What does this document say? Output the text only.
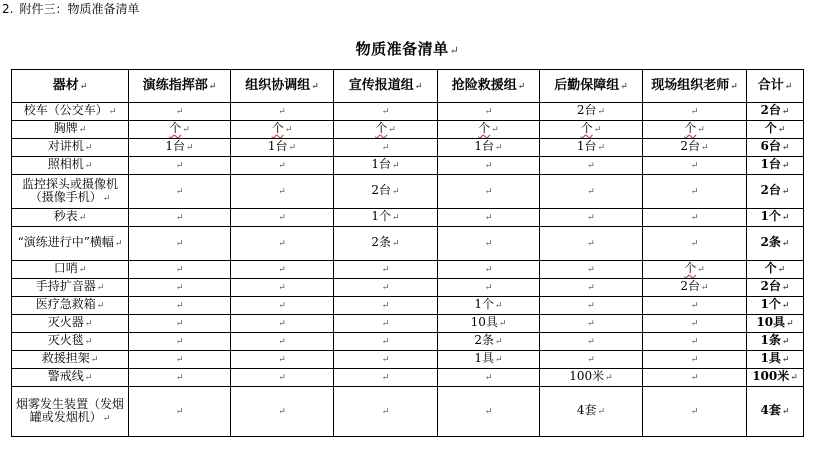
2. 附件三：物质准备清单
物质准备清单↵
器材↵	演练指挥部↵	组织协调组↵	宣传报道组↵	抢险救援组↵	后勤保障组↵	现场组织老师↵	合计↵
校车（公交车）↵	↵	↵	↵	↵	2台↵	↵	2台↵
胸牌↵	个↵	个↵	个↵	个↵	个↵	个↵	个↵
对讲机↵	1台↵	1台↵	↵	1台↵	1台↵	2台↵	6台↵
照相机↵	↵	↵	1台↵	↵	↵	↵	1台↵
监控探头或摄像机（摄像手机）↵	↵	↵	2台↵	↵	↵	↵	2台↵
秒表↵	↵	↵	1个↵	↵	↵	↵	1个↵
“演练进行中”横幅↵	↵	↵	2条↵	↵	↵	↵	2条↵
口哨↵	↵	↵	↵	↵	↵	个↵	个↵
手持扩音器↵	↵	↵	↵	↵	↵	2台↵	2台↵
医疗急救箱↵	↵	↵	↵	1个↵	↵	↵	1个↵
灭火器↵	↵	↵	↵	10具↵	↵	↵	10具↵
灭火毯↵	↵	↵	↵	2条↵	↵	↵	1条↵
救援担架↵	↵	↵	↵	1具↵	↵	↵	1具↵
警戒线↵	↵	↵	↵	↵	100米↵	↵	100米↵
烟雾发生装置（发烟罐或发烟机）↵	↵	↵	↵	↵	4套↵	↵	4套↵
